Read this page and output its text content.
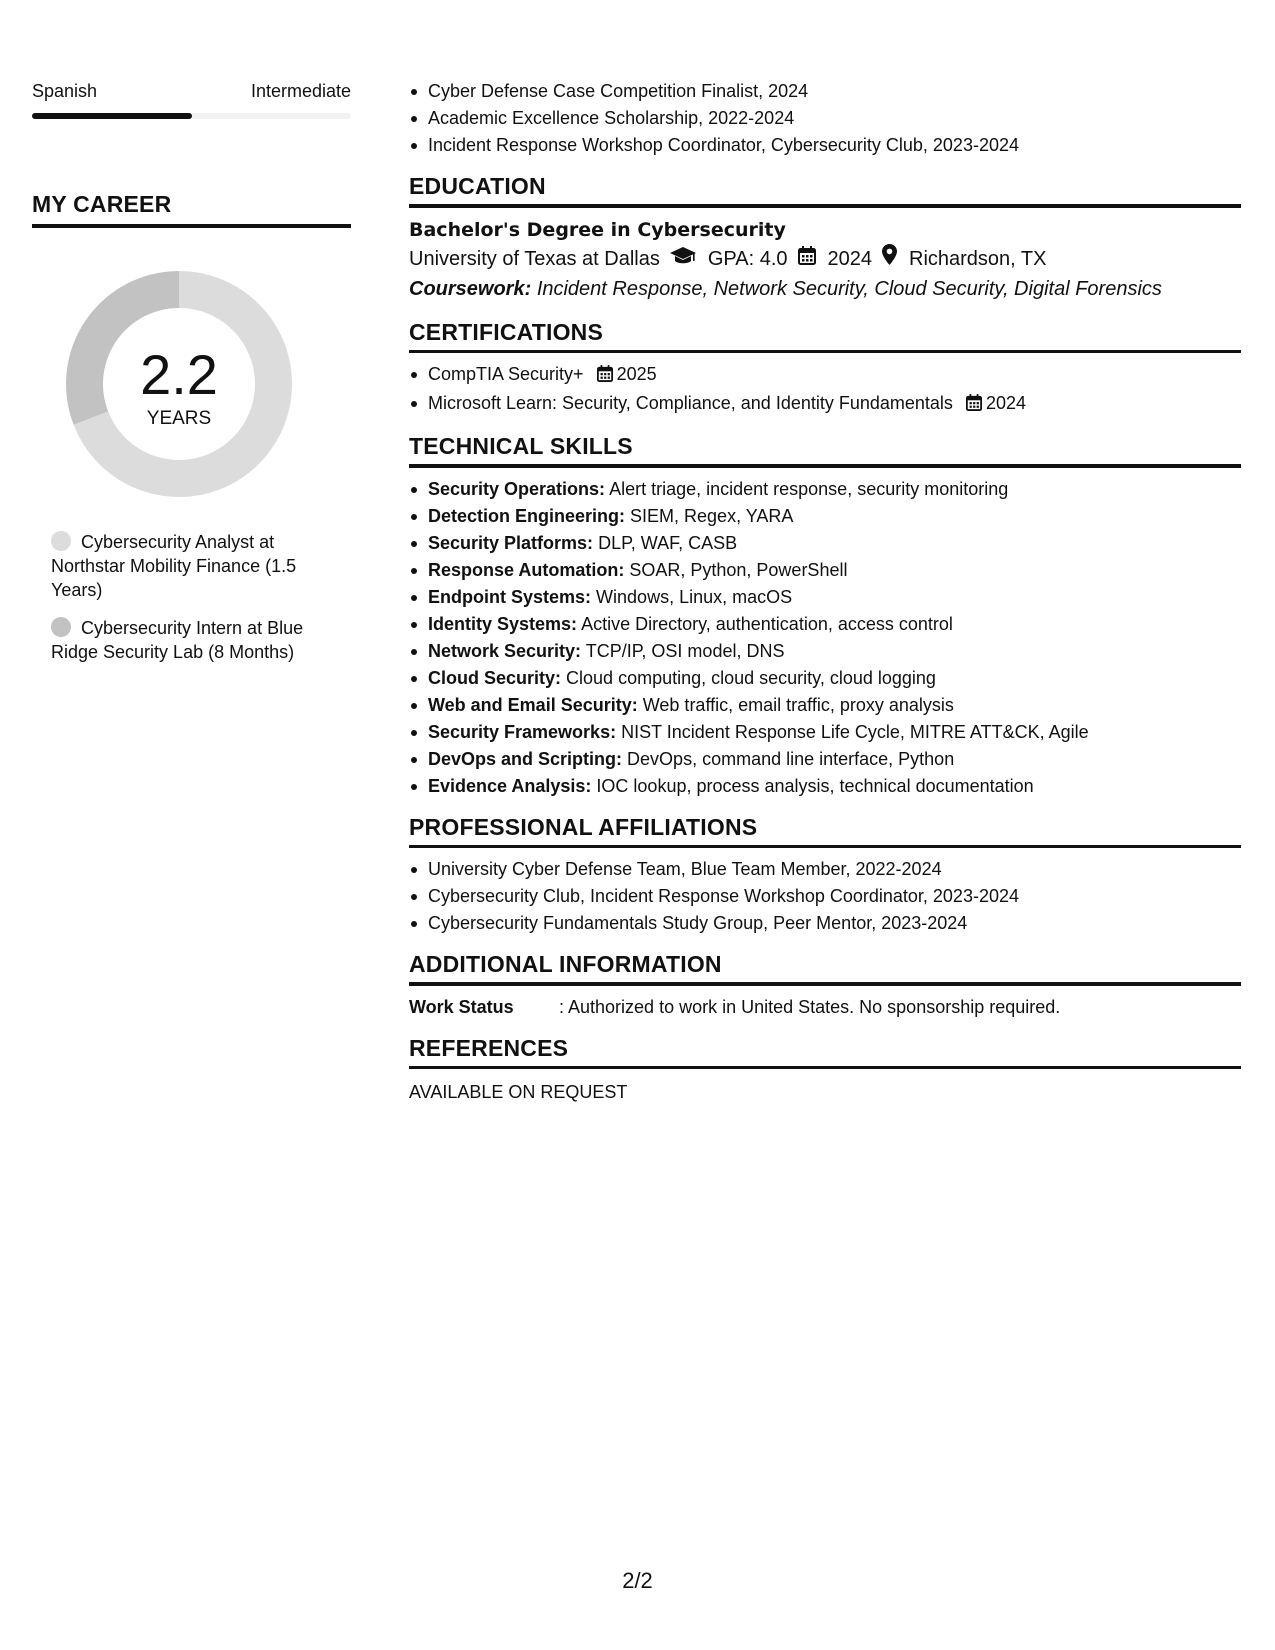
Spanish	Intermediate
MY CAREER
2.2
YEARS
Cybersecurity Analyst at Northstar Mobility Finance (1.5 Years)
Cybersecurity Intern at Blue Ridge Security Lab (8 Months)
Cyber Defense Case Competition Finalist, 2024
Academic Excellence Scholarship, 2022-2024
Incident Response Workshop Coordinator, Cybersecurity Club, 2023-2024
EDUCATION
Bachelor's Degree in Cybersecurity
University of Texas at Dallas GPA: 4.0 2024 Richardson, TX
Coursework: Incident Response, Network Security, Cloud Security, Digital Forensics
CERTIFICATIONS
CompTIA Security+ 2025
Microsoft Learn: Security, Compliance, and Identity Fundamentals 2024
TECHNICAL SKILLS
Security Operations: Alert triage, incident response, security monitoring
Detection Engineering: SIEM, Regex, YARA
Security Platforms: DLP, WAF, CASB
Response Automation: SOAR, Python, PowerShell
Endpoint Systems: Windows, Linux, macOS
Identity Systems: Active Directory, authentication, access control
Network Security: TCP/IP, OSI model, DNS
Cloud Security: Cloud computing, cloud security, cloud logging
Web and Email Security: Web traffic, email traffic, proxy analysis
Security Frameworks: NIST Incident Response Life Cycle, MITRE ATT&CK, Agile
DevOps and Scripting: DevOps, command line interface, Python
Evidence Analysis: IOC lookup, process analysis, technical documentation
PROFESSIONAL AFFILIATIONS
University Cyber Defense Team, Blue Team Member, 2022-2024
Cybersecurity Club, Incident Response Workshop Coordinator, 2023-2024
Cybersecurity Fundamentals Study Group, Peer Mentor, 2023-2024
ADDITIONAL INFORMATION
Work Status	: Authorized to work in United States. No sponsorship required.
REFERENCES
AVAILABLE ON REQUEST
2/2
